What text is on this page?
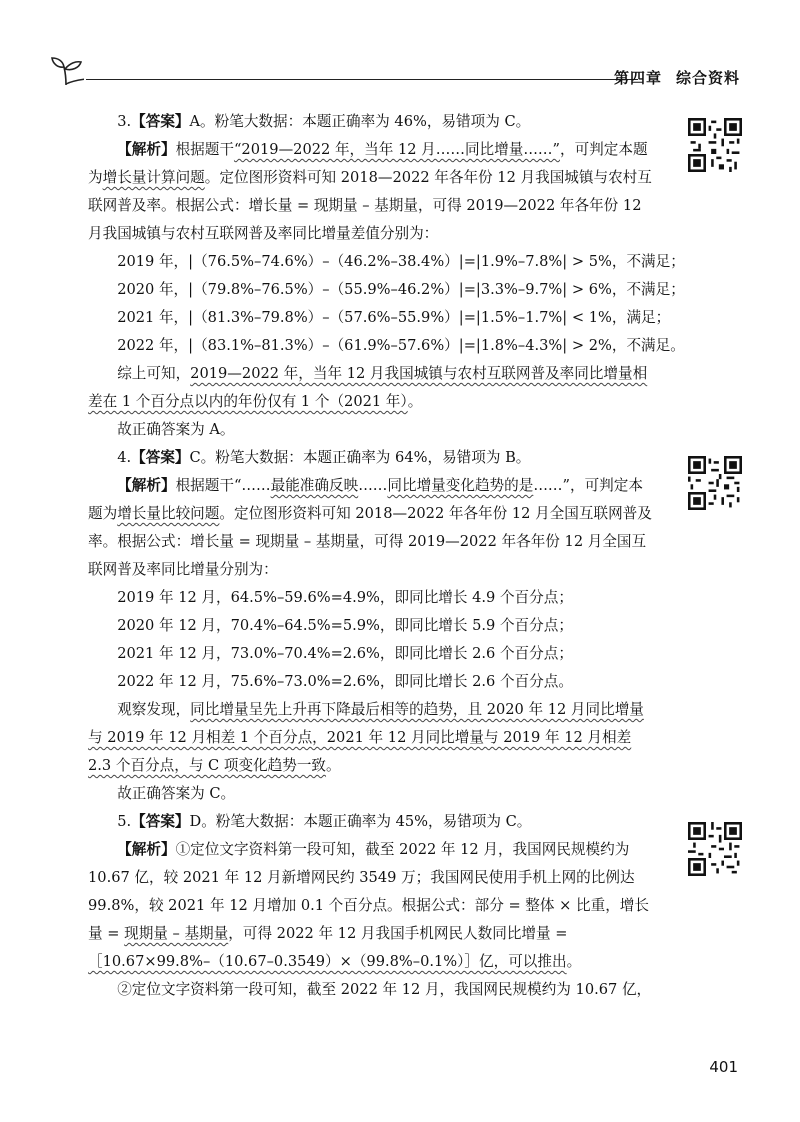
第四章 综合资料

3.【答案】A。粉笔大数据：本题正确率为 46%，易错项为 C。

【解析】根据题干“2019—2022 年，当年 12 月……同比增量……”，可判定本题为增长量计算问题。定位图形资料可知 2018—2022 年各年份 12 月我国城镇与农村互联网普及率。根据公式：增长量 = 现期量 – 基期量，可得 2019—2022 年各年份 12 月我国城镇与农村互联网普及率同比增量差值分别为：

2019 年，|（76.5%–74.6%）–（46.2%–38.4%）|=|1.9%–7.8%| > 5%，不满足；

2020 年，|（79.8%–76.5%）–（55.9%–46.2%）|=|3.3%–9.7%| > 6%，不满足；

2021 年，|（81.3%–79.8%）–（57.6%–55.9%）|=|1.5%–1.7%| < 1%，满足；

2022 年，|（83.1%–81.3%）–（61.9%–57.6%）|=|1.8%–4.3%| > 2%，不满足。

综上可知，2019—2022 年，当年 12 月我国城镇与农村互联网普及率同比增量相差在 1 个百分点以内的年份仅有 1 个（2021 年）。

故正确答案为 A。

4.【答案】C。粉笔大数据：本题正确率为 64%，易错项为 B。

【解析】根据题干“……最能准确反映……同比增量变化趋势的是……”，可判定本题为增长量比较问题。定位图形资料可知 2018—2022 年各年份 12 月全国互联网普及率。根据公式：增长量 = 现期量 – 基期量，可得 2019—2022 年各年份 12 月全国互联网普及率同比增量分别为：

2019 年 12 月，64.5%–59.6%=4.9%，即同比增长 4.9 个百分点；

2020 年 12 月，70.4%–64.5%=5.9%，即同比增长 5.9 个百分点；

2021 年 12 月，73.0%–70.4%=2.6%，即同比增长 2.6 个百分点；

2022 年 12 月，75.6%–73.0%=2.6%，即同比增长 2.6 个百分点。

观察发现，同比增量呈先上升再下降最后相等的趋势，且 2020 年 12 月同比增量与 2019 年 12 月相差 1 个百分点，2021 年 12 月同比增量与 2019 年 12 月相差 2.3 个百分点，与 C 项变化趋势一致。

故正确答案为 C。

5.【答案】D。粉笔大数据：本题正确率为 45%，易错项为 C。

【解析】①定位文字资料第一段可知，截至 2022 年 12 月，我国网民规模约为 10.67 亿，较 2021 年 12 月新增网民约 3549 万；我国网民使用手机上网的比例达 99.8%，较 2021 年 12 月增加 0.1 个百分点。根据公式：部分 = 整体 × 比重，增长量 = 现期量 – 基期量，可得 2022 年 12 月我国手机网民人数同比增量 = ［10.67×99.8%–（10.67–0.3549）×（99.8%–0.1%）］亿，可以推出。

②定位文字资料第一段可知，截至 2022 年 12 月，我国网民规模约为 10.67 亿，

401
